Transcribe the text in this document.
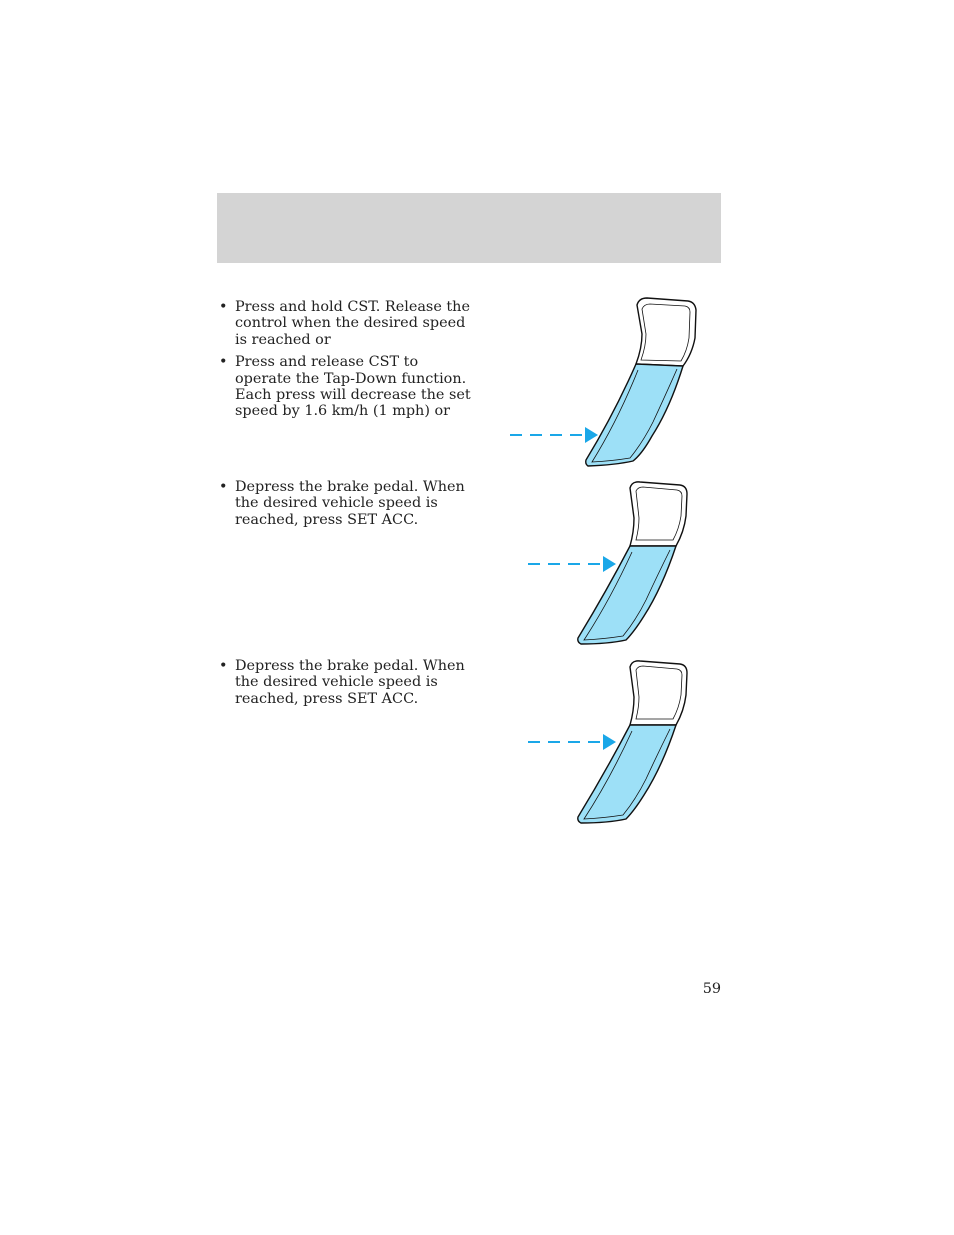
• Press and hold CST. Release the control when the desired speed is reached or
• Press and release CST to operate the Tap-Down function. Each press will decrease the set speed by 1.6 km/h (1 mph) or
• Depress the brake pedal. When the desired vehicle speed is reached, press SET ACC.
• Depress the brake pedal. When the desired vehicle speed is reached, press SET ACC.
59
